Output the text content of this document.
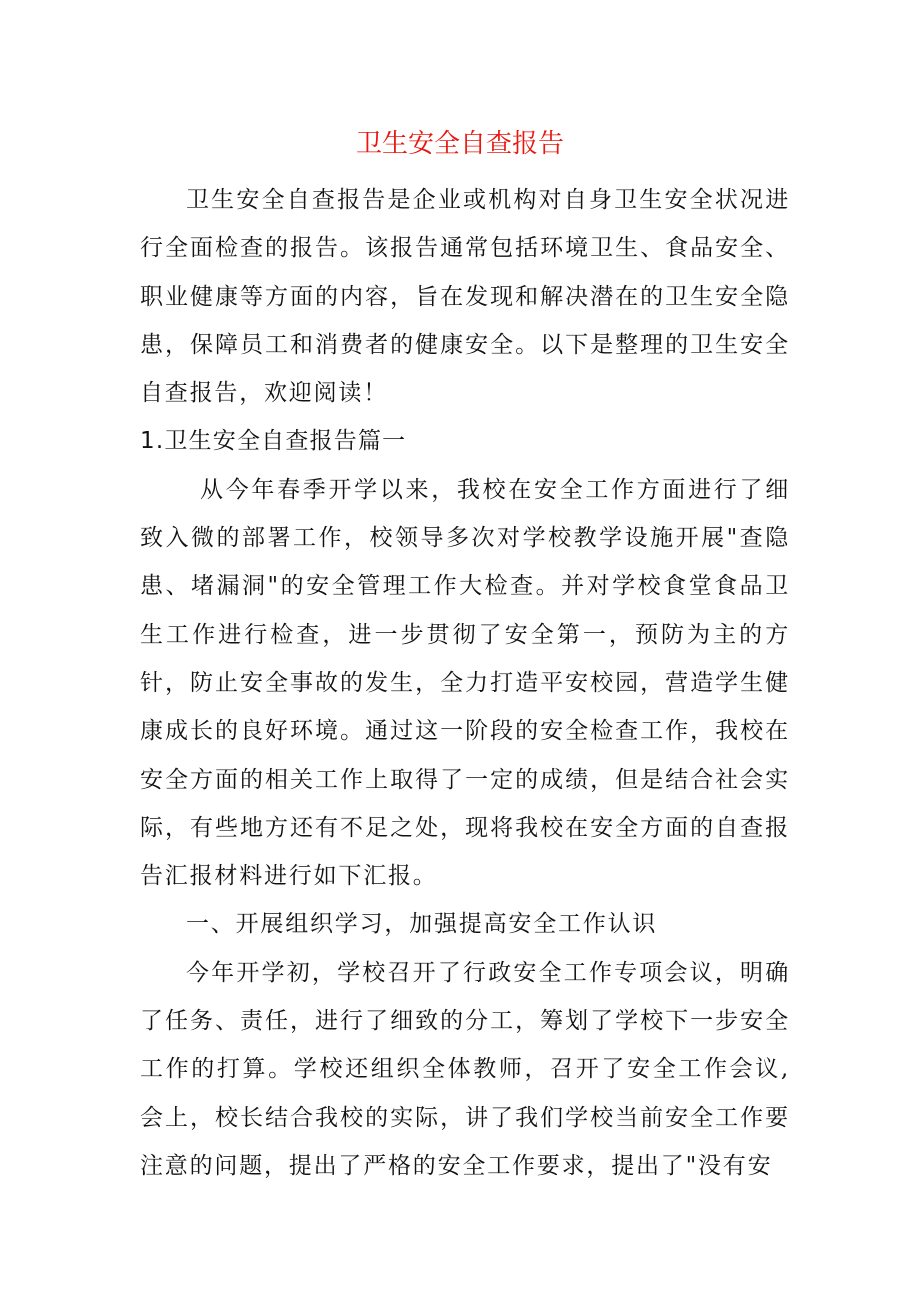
卫生安全自查报告

卫生安全自查报告是企业或机构对自身卫生安全状况进行全面检查的报告。该报告通常包括环境卫生、食品安全、职业健康等方面的内容，旨在发现和解决潜在的卫生安全隐患，保障员工和消费者的健康安全。以下是整理的卫生安全自查报告，欢迎阅读！

1.卫生安全自查报告篇一

从今年春季开学以来，我校在安全工作方面进行了细致入微的部署工作，校领导多次对学校教学设施开展"查隐患、堵漏洞"的安全管理工作大检查。并对学校食堂食品卫生工作进行检查，进一步贯彻了安全第一，预防为主的方针，防止安全事故的发生，全力打造平安校园，营造学生健康成长的良好环境。通过这一阶段的安全检查工作，我校在安全方面的相关工作上取得了一定的成绩，但是结合社会实际，有些地方还有不足之处，现将我校在安全方面的自查报告汇报材料进行如下汇报。

一、开展组织学习，加强提高安全工作认识

今年开学初，学校召开了行政安全工作专项会议，明确了任务、责任，进行了细致的分工，筹划了学校下一步安全工作的打算。学校还组织全体教师，召开了安全工作会议,会上，校长结合我校的实际，讲了我们学校当前安全工作要注意的问题，提出了严格的安全工作要求，提出了"没有安
